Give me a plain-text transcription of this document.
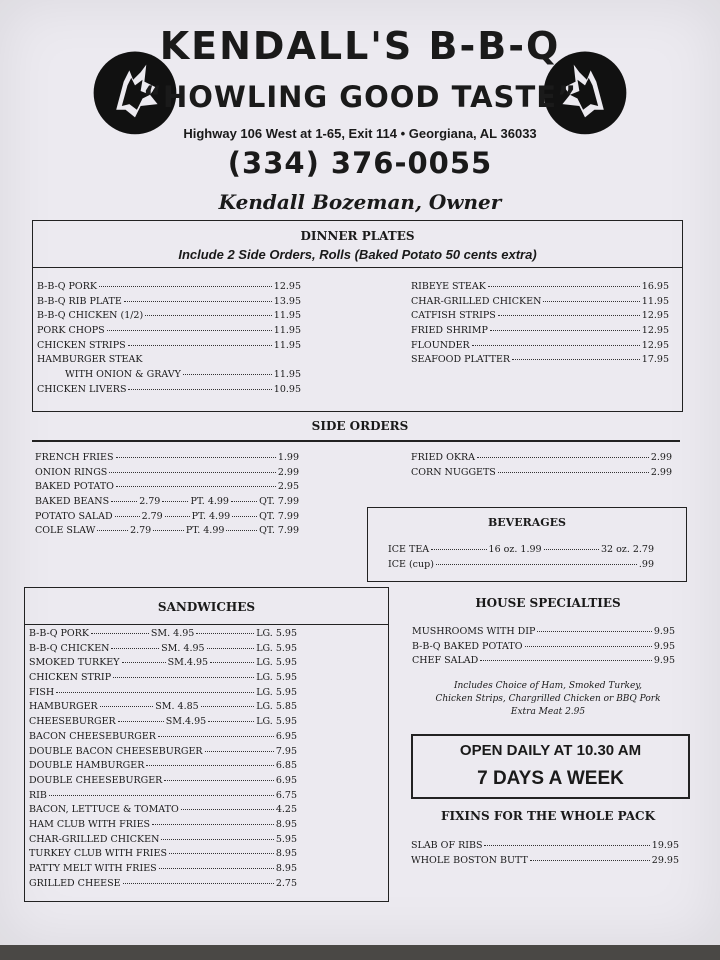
KENDALL'S B-B-Q
“HOWLING GOOD TASTE”
Highway 106 West at 1-65, Exit 114 • Georgiana, AL 36033
(334) 376-0055
Kendall Bozeman, Owner
DINNER PLATES
Include 2 Side Orders, Rolls (Baked Potato 50 cents extra)
B-B-Q PORK	12.95
B-B-Q RIB PLATE	13.95
B-B-Q CHICKEN (1/2)	11.95
PORK CHOPS	11.95
CHICKEN STRIPS	11.95
HAMBURGER STEAK
WITH ONION & GRAVY	11.95
CHICKEN LIVERS	10.95
RIBEYE STEAK	16.95
CHAR-GRILLED CHICKEN	11.95
CATFISH STRIPS	12.95
FRIED SHRIMP	12.95
FLOUNDER	12.95
SEAFOOD PLATTER	17.95
SIDE ORDERS
FRENCH FRIES	1.99
ONION RINGS	2.99
BAKED POTATO	2.95
BAKED BEANS	2.79	PT. 4.99	QT. 7.99
POTATO SALAD	2.79	PT. 4.99	QT. 7.99
COLE SLAW	2.79	PT. 4.99	QT. 7.99
FRIED OKRA	2.99
CORN NUGGETS	2.99
BEVERAGES
ICE TEA	16 oz. 1.99	32 oz. 2.79
ICE (cup)	.99
SANDWICHES
B-B-Q PORK	SM. 4.95	LG. 5.95
B-B-Q CHICKEN	SM. 4.95	LG. 5.95
SMOKED TURKEY	SM.4.95	LG. 5.95
CHICKEN STRIP	LG. 5.95
FISH	LG. 5.95
HAMBURGER	SM. 4.85	LG. 5.85
CHEESEBURGER	SM.4.95	LG. 5.95
BACON CHEESEBURGER	6.95
DOUBLE BACON CHEESEBURGER	7.95
DOUBLE HAMBURGER	6.85
DOUBLE CHEESEBURGER	6.95
RIB	6.75
BACON, LETTUCE & TOMATO	4.25
HAM CLUB WITH FRIES	8.95
CHAR-GRILLED CHICKEN	5.95
TURKEY CLUB WITH FRIES	8.95
PATTY MELT WITH FRIES	8.95
GRILLED CHEESE	2.75
HOUSE SPECIALTIES
MUSHROOMS WITH DIP	9.95
B-B-Q BAKED POTATO	9.95
CHEF SALAD	9.95
Includes Choice of Ham, Smoked Turkey,
Chicken Strips, Chargrilled Chicken or BBQ Pork
Extra Meat 2.95
OPEN DAILY AT 10.30 AM
7 DAYS A WEEK
FIXINS FOR THE WHOLE PACK
SLAB OF RIBS	19.95
WHOLE BOSTON BUTT	29.95
